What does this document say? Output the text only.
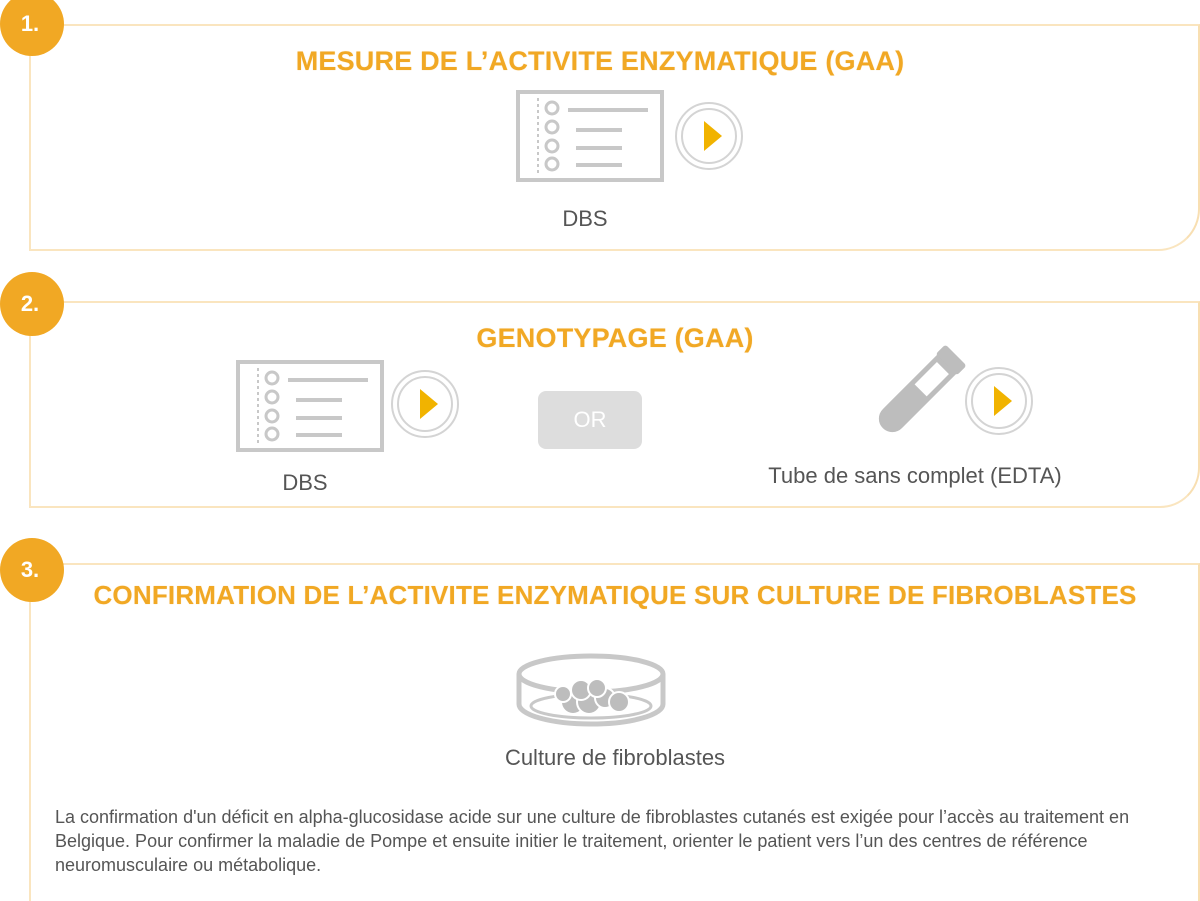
1.
MESURE DE L’ACTIVITE ENZYMATIQUE (GAA)
DBS
2.
GENOTYPAGE (GAA)
DBS
OR
Tube de sans complet (EDTA)
3.
CONFIRMATION DE L’ACTIVITE ENZYMATIQUE SUR CULTURE DE FIBROBLASTES
Culture de fibroblastes
La confirmation d'un déficit en alpha-glucosidase acide sur une culture de fibroblastes cutanés est exigée pour l’accès au traitement en Belgique. Pour confirmer la maladie de Pompe et ensuite initier le traitement, orienter le patient vers l’un des centres de référence neuromusculaire ou métabolique.
